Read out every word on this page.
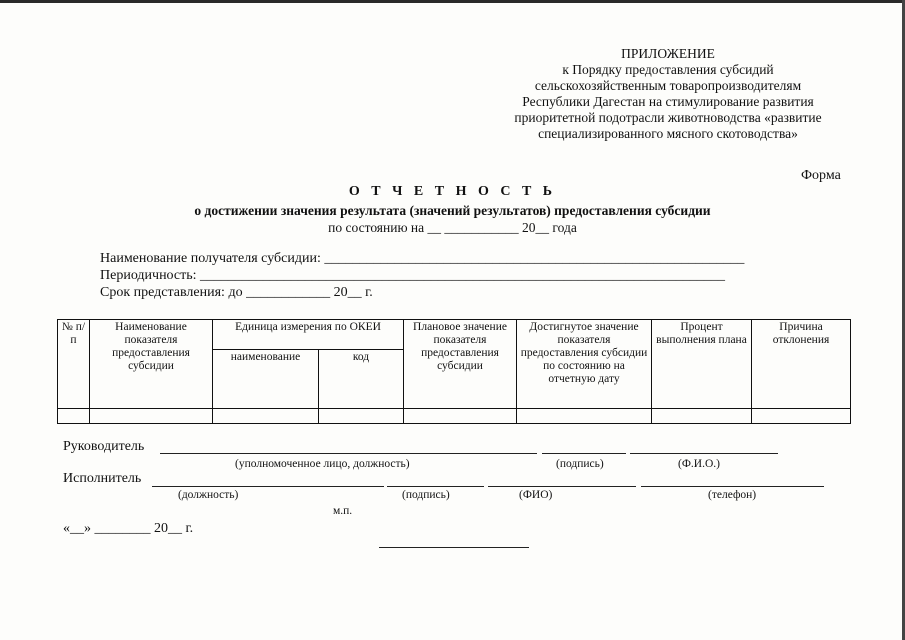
ПРИЛОЖЕНИЕ
к Порядку предоставления субсидий
сельскохозяйственным товаропроизводителям
Республики Дагестан на стимулирование развития
приоритетной подотрасли животноводства «развитие
специализированного мясного скотоводства»
Форма
О Т Ч Е Т Н О С Т Ь
о достижении значения результата (значений результатов) предоставления субсидии
по состоянию на __ ___________ 20__ года
Наименование получателя субсидии: ____________________________________________________________
Периодичность: ___________________________________________________________________________
Срок представления: до ____________ 20__ г.
№ п/п	Наименование показателя предоставления субсидии	Единица измерения по ОКЕИ		Плановое значение показателя предоставления субсидии	Достигнутое значение показателя предоставления субсидии по состоянию на отчетную дату	Процент выполнения плана	Причина отклонения
		наименование	код				

Руководитель
(уполномоченное лицо, должность)	(подпись)	(Ф.И.О.)
Исполнитель
(должность)	(подпись)	(ФИО)	(телефон)
м.п.
«__» ________ 20__ г.
